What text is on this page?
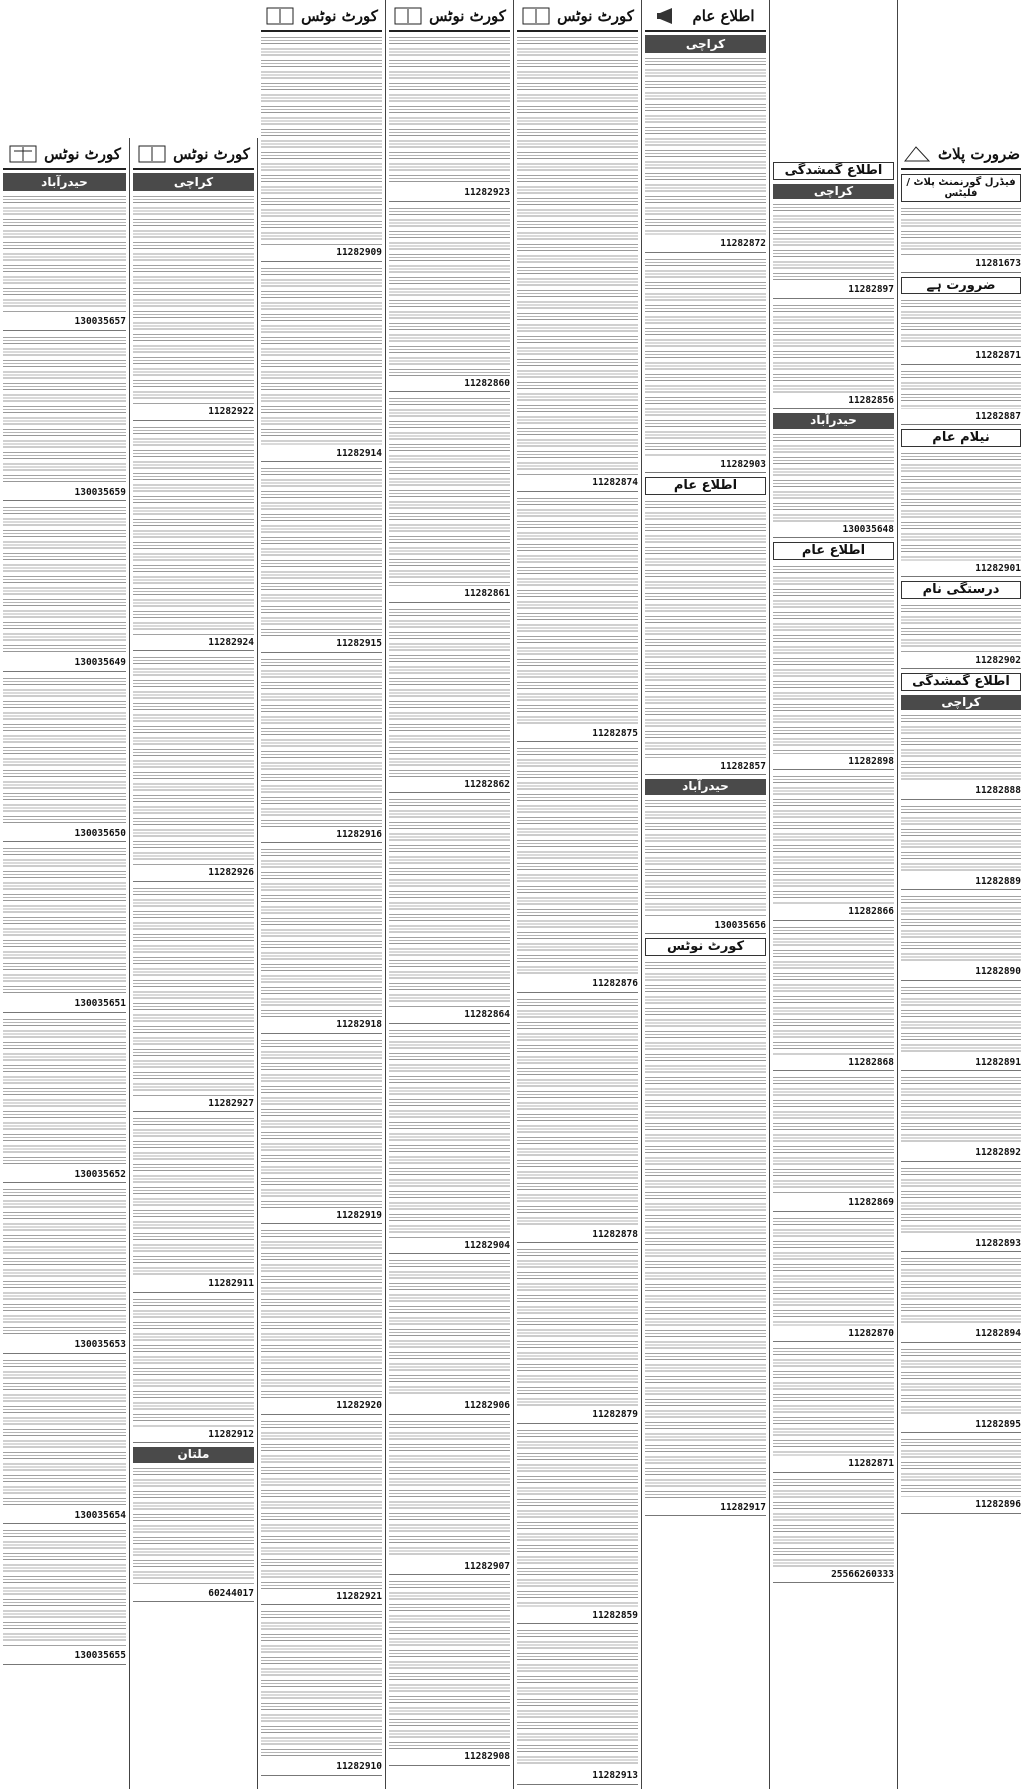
کورٹ نوٹس
حیدرآباد
130035657
130035659
130035649
130035650
130035651
130035652
130035653
130035654
130035655
کورٹ نوٹس
کراچی
11282922
11282924
11282926
11282927
11282911
11282912
ملتان
60244017
کورٹ نوٹس
11282909
11282914
11282915
11282916
11282918
11282919
11282920
11282921
11282910
کورٹ نوٹس
11282923
11282860
11282861
11282862
11282864
11282904
11282906
11282907
11282908
کورٹ نوٹس
11282874
11282875
11282876
11282878
11282879
11282859
11282913
اطلاع عام
کراچی
11282872
11282903
اطلاع عام
11282857
حیدرآباد
130035656
کورٹ نوٹس
11282917
اطلاع گمشدگی
کراچی
11282897
11282856
حیدرآباد
130035648
اطلاع عام
11282898
11282866
11282868
11282869
11282870
11282871
25566260333
ضرورت پلاٹ
فیڈرل گورنمنٹ پلاٹ / فلیٹس
11281673
ضرورت ہے
11282871
11282887
نیلام عام
11282901
درستگی نام
11282902
اطلاع گمشدگی
کراچی
11282888
11282889
11282890
11282891
11282892
11282893
11282894
11282895
11282896
